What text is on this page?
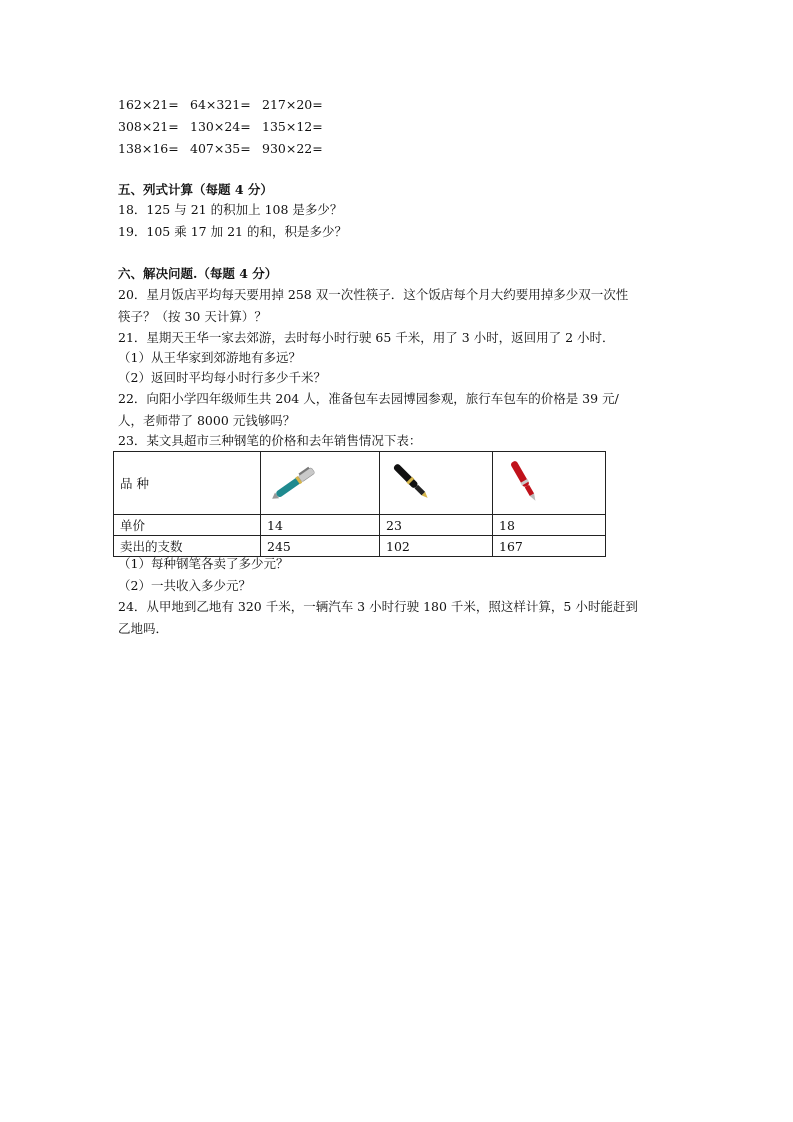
162×21= 64×321= 217×20=
308×21= 130×24= 135×12=
138×16= 407×35= 930×22=
五、列式计算（每题 4 分）
18．125 与 21 的积加上 108 是多少？
19．105 乘 17 加 21 的和，积是多少？
六、解决问题.（每题 4 分）
20．星月饭店平均每天要用掉 258 双一次性筷子．这个饭店每个月大约要用掉多少双一次性
筷子？（按 30 天计算）？
21．星期天王华一家去郊游，去时每小时行驶 65 千米，用了 3 小时，返回用了 2 小时．
（1）从王华家到郊游地有多远？
（2）返回时平均每小时行多少千米？
22．向阳小学四年级师生共 204 人，准备包车去园博园参观，旅行车包车的价格是 39 元/
人，老师带了 8000 元钱够吗？
23．某文具超市三种钢笔的价格和去年销售情况下表：
品 种			
单价	14	23	18
卖出的支数	245	102	167
（1）每种钢笔各卖了多少元？
（2）一共收入多少元？
24．从甲地到乙地有 320 千米，一辆汽车 3 小时行驶 180 千米，照这样计算，5 小时能赶到
乙地吗．
